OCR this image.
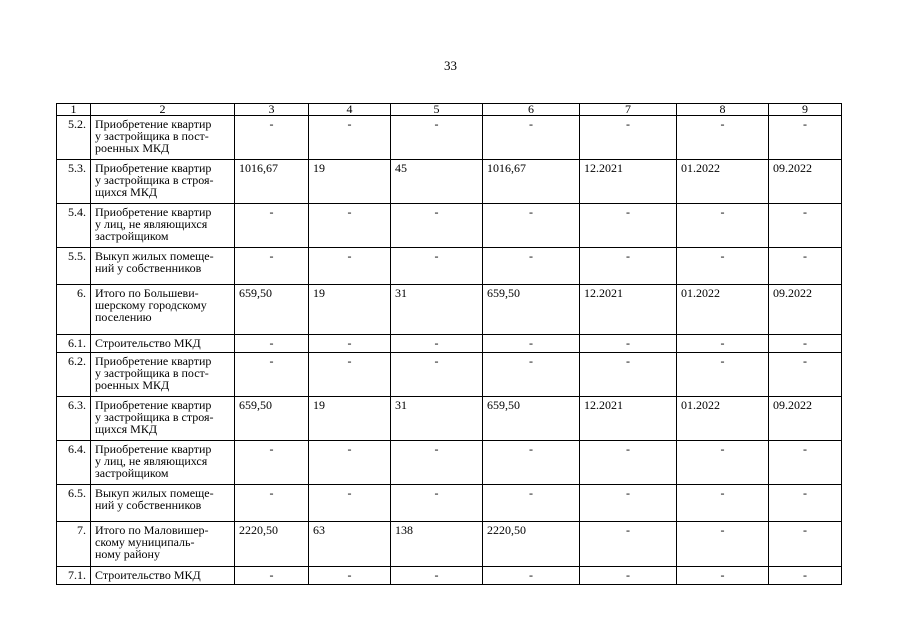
33
1	2	3	4	5	6	7	8	9
5.2.	Приобретение квартир
у застройщика в пост-
роенных МКД	-	-	-	-	-	-	-
5.3.	Приобретение квартир
у застройщика в строя-
щихся МКД	1016,67	19	45	1016,67	12.2021	01.2022	09.2022
5.4.	Приобретение квартир
у лиц, не являющихся
застройщиком	-	-	-	-	-	-	-
5.5.	Выкуп жилых помеще-
ний у собственников	-	-	-	-	-	-	-
6.	Итого по Большеви-
шерскому городскому
поселению	659,50	19	31	659,50	12.2021	01.2022	09.2022
6.1.	Строительство МКД	-	-	-	-	-	-	-
6.2.	Приобретение квартир
у застройщика в пост-
роенных МКД	-	-	-	-	-	-	-
6.3.	Приобретение квартир
у застройщика в строя-
щихся МКД	659,50	19	31	659,50	12.2021	01.2022	09.2022
6.4.	Приобретение квартир
у лиц, не являющихся
застройщиком	-	-	-	-	-	-	-
6.5.	Выкуп жилых помеще-
ний у собственников	-	-	-	-	-	-	-
7.	Итого по Маловишер-
скому муниципаль-
ному району	2220,50	63	138	2220,50	-	-	-
7.1.	Строительство МКД	-	-	-	-	-	-	-
